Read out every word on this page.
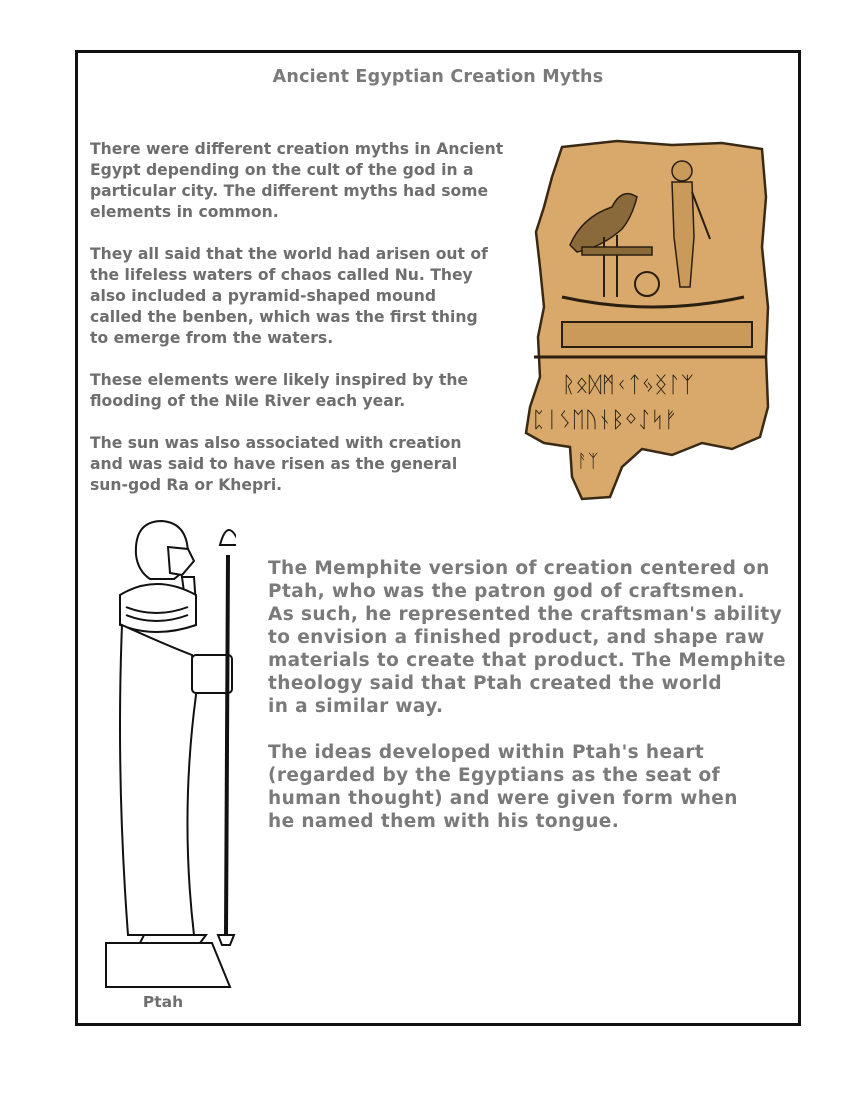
Ancient Egyptian Creation Myths

There were different creation myths in Ancient
Egypt depending on the cult of the god in a
particular city. The different myths had some
elements in common.

They all said that the world had arisen out of
the lifeless waters of chaos called Nu. They
also included a pyramid-shaped mound
called the benben, which was the first thing
to emerge from the waters.

These elements were likely inspired by the
flooding of the Nile River each year.

The sun was also associated with creation
and was said to have risen as the general
sun-god Ra or Khepri.

ᚱᛟᛞᛗᚲᛏᛃᛝᛚᛉ
ᛈᛁᛊᛖᚢᚾᛒᛜᛇᛋᚠ
ᚨᛉ
Ptah

The Memphite version of creation centered on
Ptah, who was the patron god of craftsmen.
As such, he represented the craftsman's ability
to envision a finished product, and shape raw
materials to create that product. The Memphite
theology said that Ptah created the world
in a similar way.

The ideas developed within Ptah's heart
(regarded by the Egyptians as the seat of
human thought) and were given form when
he named them with his tongue.
